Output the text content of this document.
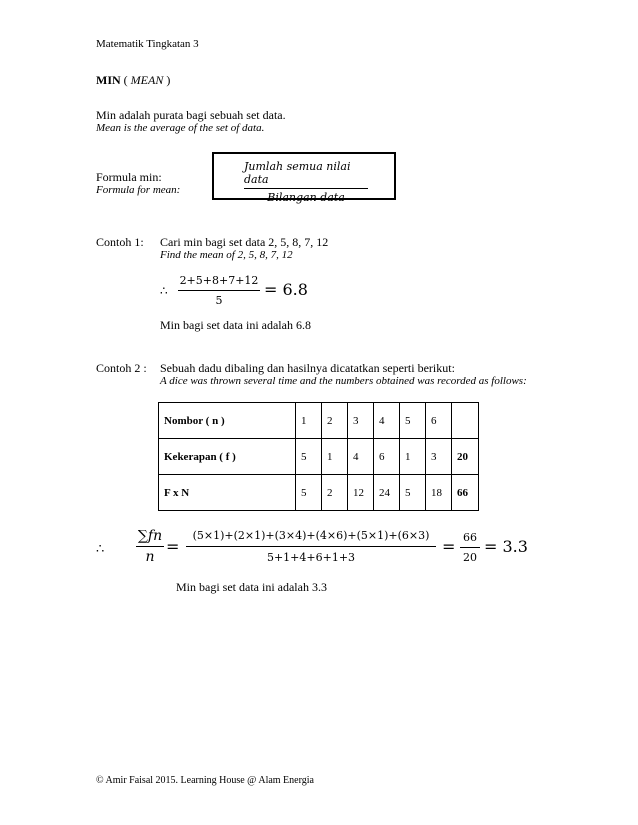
Matematik Tingkatan 3
MIN ( MEAN )
Min adalah purata bagi sebuah set data.
Mean is the average of the set of data.
Formula min:
Formula for mean:
Jumlah semua nilai data
Bilangan data
Contoh 1: Cari min bagi set data 2, 5, 8, 7, 12
Find the mean of 2, 5, 8, 7, 12
∴
2+5+8+7+12
5
= 6.8
Min bagi set data ini adalah 6.8
Contoh 2 : Sebuah dadu dibaling dan hasilnya dicatatkan seperti berikut:
A dice was thrown several time and the numbers obtained was recorded as follows:
Nombor ( n )	1	2	3	4	5	6	
Kekerapan ( f )	5	1	4	6	1	3	20
F x N	5	2	12	24	5	18	66
∴
∑fn
n
=
(5×1)+(2×1)+(3×4)+(4×6)+(5×1)+(6×3)
5+1+4+6+1+3
= 66
20
= 3.3
Min bagi set data ini adalah 3.3
© Amir Faisal 2015. Learning House @ Alam Energia
